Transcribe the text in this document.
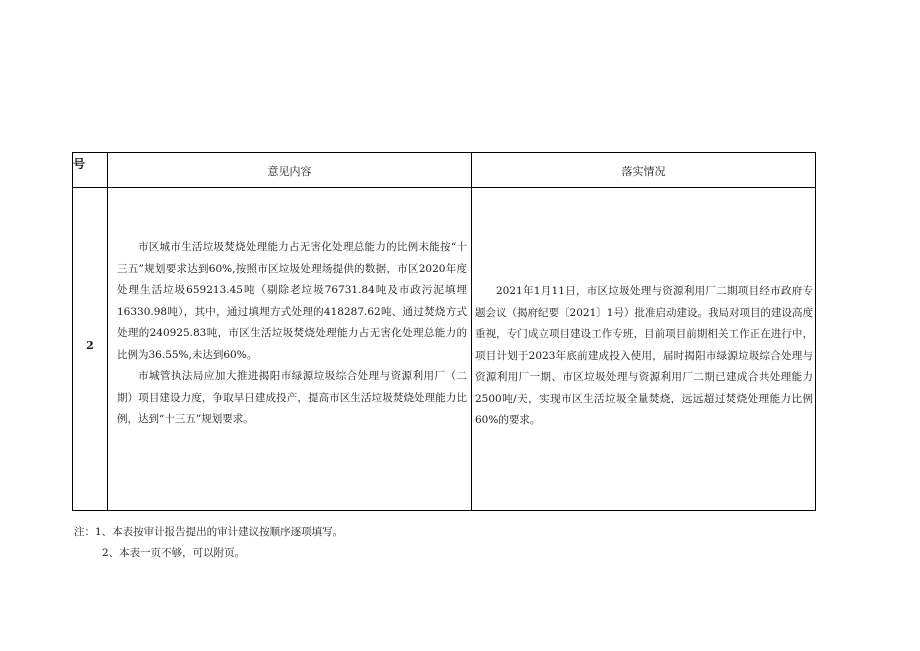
号
意见内容	落实情况
2

市区城市生活垃圾焚烧处理能力占无害化处理总能力的比例未能按“十三五”规划要求达到60%,按照市区垃圾处理场提供的数据，市区2020年度处理生活垃圾659213.45吨（剔除老垃圾76731.84吨及市政污泥填埋16330.98吨），其中，通过填埋方式处理的418287.62吨、通过焚烧方式处理的240925.83吨，市区生活垃圾焚烧处理能力占无害化处理总能力的比例为36.55%,未达到60%。

市城管执法局应加大推进揭阳市绿源垃圾综合处理与资源利用厂（二期）项目建设力度，争取早日建成投产，提高市区生活垃圾焚烧处理能力比例，达到“十三五”规划要求。

2021年1月11日，市区垃圾处理与资源利用厂二期项目经市政府专题会议（揭府纪要〔2021〕1号）批准启动建设。我局对项目的建设高度重视，专门成立项目建设工作专班，目前项目前期相关工作正在进行中，项目计划于2023年底前建成投入使用，届时揭阳市绿源垃圾综合处理与资源利用厂一期、市区垃圾处理与资源利用厂二期已建成合共处理能力2500吨/天，实现市区生活垃圾全量焚烧，远远超过焚烧处理能力比例60%的要求。

注：1、本表按审计报告提出的审计建议按顺序逐项填写。
2、本表一页不够，可以附页。
